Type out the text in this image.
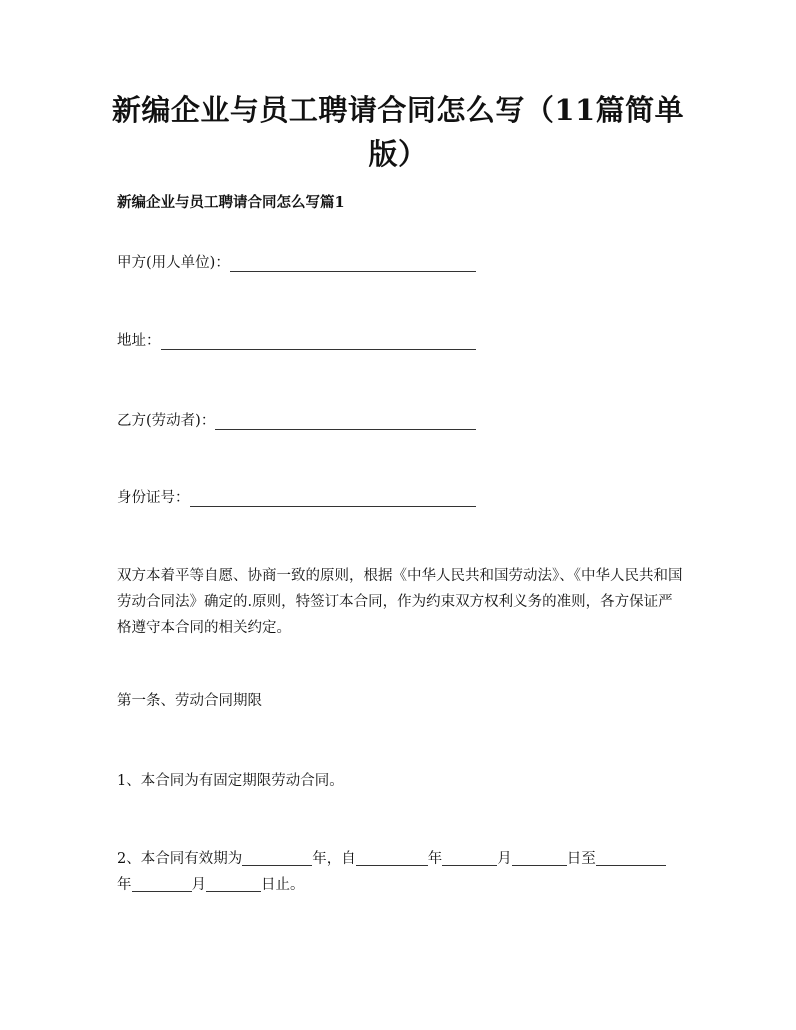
新编企业与员工聘请合同怎么写（11篇简单
版）
新编企业与员工聘请合同怎么写篇1
甲方(用人单位)：
地址：
乙方(劳动者)：
身份证号：
双方本着平等自愿、协商一致的原则，根据《中华人民共和国劳动法》、《中华人民共和国劳动合同法》确定的.原则，特签订本合同，作为约束双方权利义务的准则，各方保证严格遵守本合同的相关约定。
第一条、劳动合同期限
1、本合同为有固定期限劳动合同。
2、本合同有效期为	年，自	年	月	日至
年	月	日止。
